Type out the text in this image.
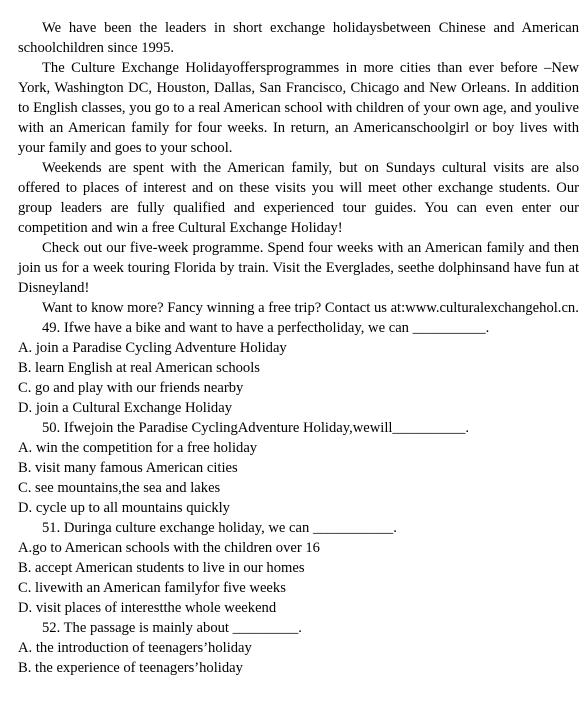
We have been the leaders in short exchange holidaysbetween Chinese and American schoolchildren since 1995.

The Culture Exchange Holidayoffersprogrammes in more cities than ever before –New York, Washington DC, Houston, Dallas, San Francisco, Chicago and New Orleans. In addition to English classes, you go to a real American school with children of your own age, and youlive with an American family for four weeks. In return, an Americanschoolgirl or boy lives with your family and goes to your school.

Weekends are spent with the American family, but on Sundays cultural visits are also offered to places of interest and on these visits you will meet other exchange students. Our group leaders are fully qualified and experienced tour guides. You can even enter our competition and win a free Cultural Exchange Holiday!

Check out our five-week programme. Spend four weeks with an American family and then join us for a week touring Florida by train. Visit the Everglades, seethe dolphinsand have fun at Disneyland!

Want to know more? Fancy winning a free trip? Contact us at:www.culturalexchangehol.cn.

49. Ifwe have a bike and want to have a perfectholiday, we can __________.

A. join a Paradise Cycling Adventure Holiday

B. learn English at real American schools

C. go and play with our friends nearby

D. join a Cultural Exchange Holiday

50. Ifwejoin the Paradise CyclingAdventure Holiday,wewill__________.

A. win the competition for a free holiday

B. visit many famous American cities

C. see mountains,the sea and lakes

D. cycle up to all mountains quickly

51. Duringa culture exchange holiday, we can ___________.

A.go to American schools with the children over 16

B. accept American students to live in our homes

C. livewith an American familyfor five weeks

D. visit places of interestthe whole weekend

52. The passage is mainly about _________.

A. the introduction of teenagers’holiday

B. the experience of teenagers’holiday
